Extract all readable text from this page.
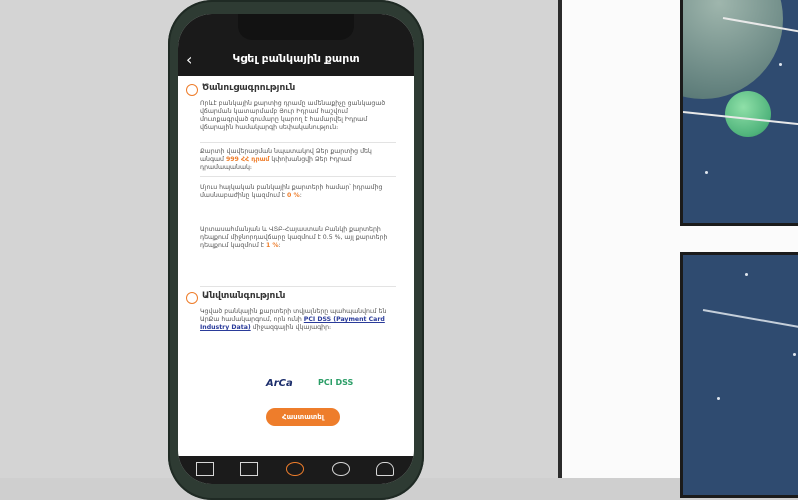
‹	Կցել բանկային քարտ
Ծանուցագրություն
Որևէ բանկային քարտից դրամը ամենաքիչը ցանկացած վճարման կատարմամբ Յուր Իդրամ հաշվում մուտքագրված գումարը կարող է համարվել Իդրամ վճարային համակարգի սեփականություն։
Քարտի վավերացման նպատակով Ձեր քարտից մեկ անգամ 999 ՀՀ դրամ կփոխանցվի Ձեր Իդրամ դրամապանակ։
Մյուս հայկական բանկային քարտերի համար՝ իդրամից մասնաբաժինը կազմում է 0 %:
Արտասահմանյան և ՎՏԲ-Հայաստան Բանկի քարտերի դեպքում միջնորդավճարը կազմում է 0.5 %, այլ քարտերի դեպքում կազմում է 1 %:
Անվտանգություն
Կցված բանկային քարտերի տվյալները պահպանվում են ԱրՔա համակարգում, որն ունի PCI DSS (Payment Card Industry Data) միջազգային վկայագիր։
ArCa	PCI DSS
Հաստատել
